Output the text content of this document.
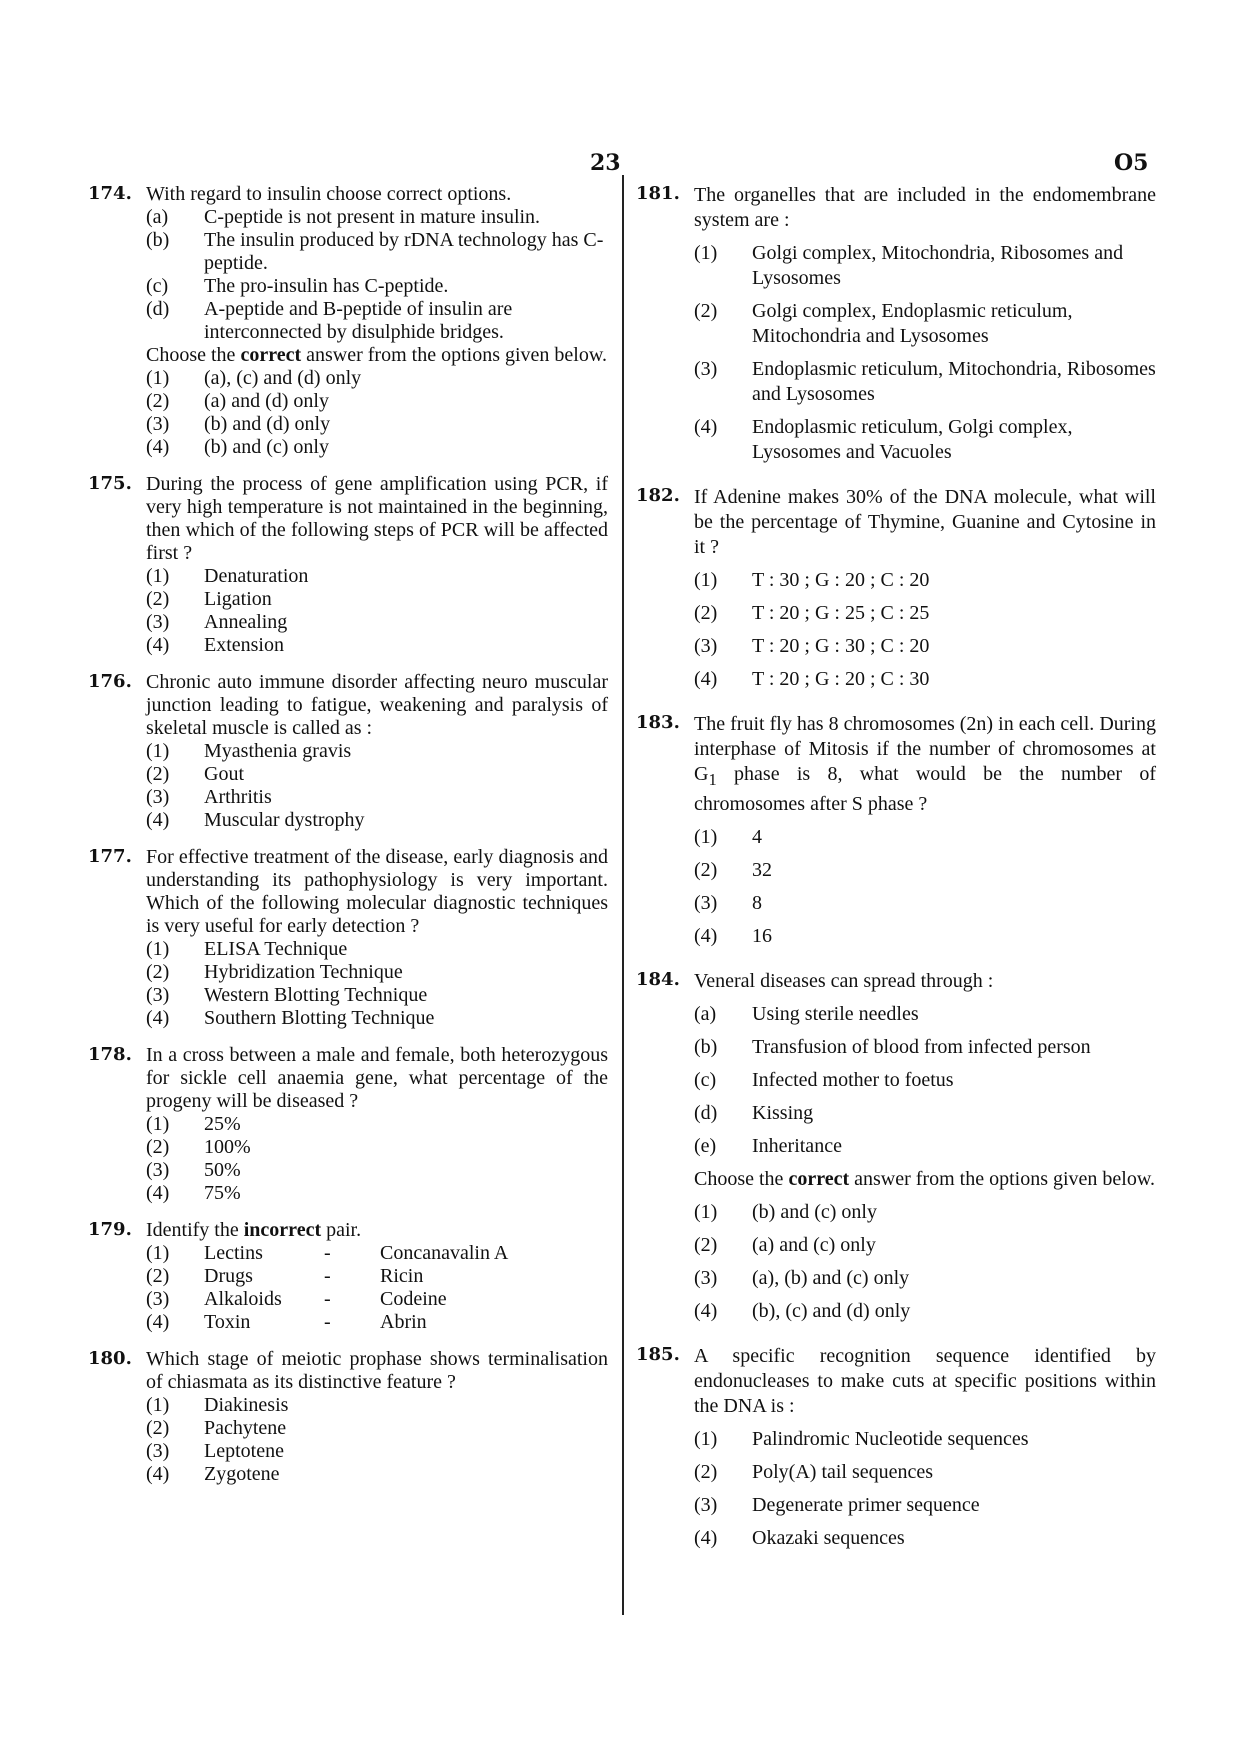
23	O5
174. With regard to insulin choose correct options.
(a) C-peptide is not present in mature insulin.
(b) The insulin produced by rDNA technology has C-peptide.
(c) The pro-insulin has C-peptide.
(d) A-peptide and B-peptide of insulin are interconnected by disulphide bridges.
Choose the correct answer from the options given below.
(1) (a), (c) and (d) only
(2) (a) and (d) only
(3) (b) and (d) only
(4) (b) and (c) only
175. During the process of gene amplification using PCR, if very high temperature is not maintained in the beginning, then which of the following steps of PCR will be affected first ?
(1) Denaturation
(2) Ligation
(3) Annealing
(4) Extension
176. Chronic auto immune disorder affecting neuro muscular junction leading to fatigue, weakening and paralysis of skeletal muscle is called as :
(1) Myasthenia gravis
(2) Gout
(3) Arthritis
(4) Muscular dystrophy
177. For effective treatment of the disease, early diagnosis and understanding its pathophysiology is very important. Which of the following molecular diagnostic techniques is very useful for early detection ?
(1) ELISA Technique
(2) Hybridization Technique
(3) Western Blotting Technique
(4) Southern Blotting Technique
178. In a cross between a male and female, both heterozygous for sickle cell anaemia gene, what percentage of the progeny will be diseased ?
(1) 25%
(2) 100%
(3) 50%
(4) 75%
179. Identify the incorrect pair.
(1) Lectins	-	Concanavalin A
(2) Drugs	-	Ricin
(3) Alkaloids	-	Codeine
(4) Toxin	-	Abrin
180. Which stage of meiotic prophase shows terminalisation of chiasmata as its distinctive feature ?
(1) Diakinesis
(2) Pachytene
(3) Leptotene
(4) Zygotene
181. The organelles that are included in the endomembrane system are :
(1) Golgi complex, Mitochondria, Ribosomes and Lysosomes
(2) Golgi complex, Endoplasmic reticulum, Mitochondria and Lysosomes
(3) Endoplasmic reticulum, Mitochondria, Ribosomes and Lysosomes
(4) Endoplasmic reticulum, Golgi complex, Lysosomes and Vacuoles
182. If Adenine makes 30% of the DNA molecule, what will be the percentage of Thymine, Guanine and Cytosine in it ?
(1) T : 30 ; G : 20 ; C : 20
(2) T : 20 ; G : 25 ; C : 25
(3) T : 20 ; G : 30 ; C : 20
(4) T : 20 ; G : 20 ; C : 30
183. The fruit fly has 8 chromosomes (2n) in each cell. During interphase of Mitosis if the number of chromosomes at $G_1$ phase is 8, what would be the number of chromosomes after S phase ?
(1) 4
(2) 32
(3) 8
(4) 16
184. Veneral diseases can spread through :
(a) Using sterile needles
(b) Transfusion of blood from infected person
(c) Infected mother to foetus
(d) Kissing
(e) Inheritance
Choose the correct answer from the options given below.
(1) (b) and (c) only
(2) (a) and (c) only
(3) (a), (b) and (c) only
(4) (b), (c) and (d) only
185. A specific recognition sequence identified by endonucleases to make cuts at specific positions within the DNA is :
(1) Palindromic Nucleotide sequences
(2) Poly(A) tail sequences
(3) Degenerate primer sequence
(4) Okazaki sequences
